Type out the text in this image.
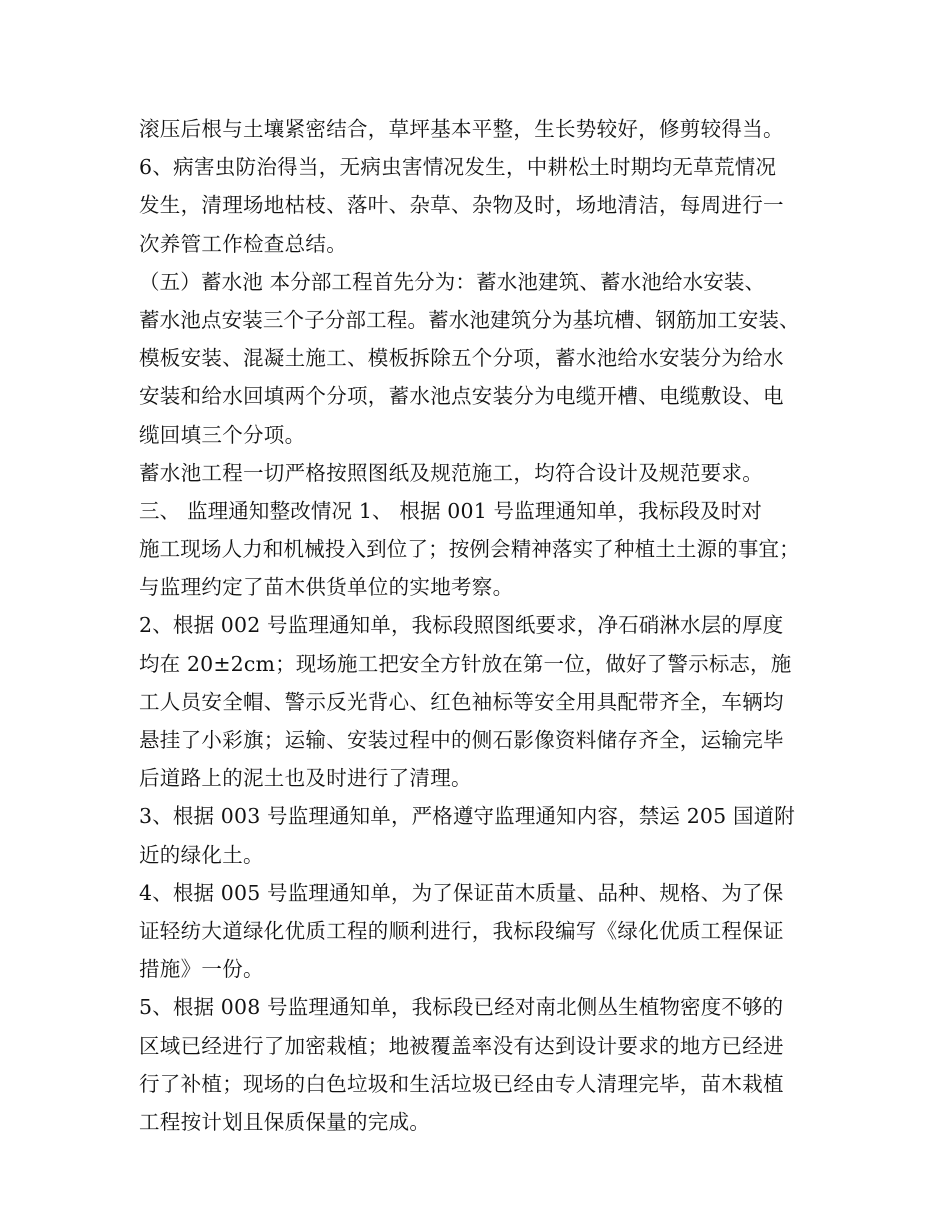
滚压后根与土壤紧密结合，草坪基本平整，生长势较好，修剪较得当。
6、病害虫防治得当，无病虫害情况发生，中耕松土时期均无草荒情况
发生，清理场地枯枝、落叶、杂草、杂物及时，场地清洁，每周进行一
次养管工作检查总结。
（五）蓄水池 本分部工程首先分为：蓄水池建筑、蓄水池给水安装、
蓄水池点安装三个子分部工程。蓄水池建筑分为基坑槽、钢筋加工安装、
模板安装、混凝土施工、模板拆除五个分项，蓄水池给水安装分为给水
安装和给水回填两个分项，蓄水池点安装分为电缆开槽、电缆敷设、电
缆回填三个分项。
蓄水池工程一切严格按照图纸及规范施工，均符合设计及规范要求。
三、 监理通知整改情况 1、 根据 001 号监理通知单，我标段及时对
施工现场人力和机械投入到位了；按例会精神落实了种植土土源的事宜；
与监理约定了苗木供货单位的实地考察。
2、根据 002 号监理通知单，我标段照图纸要求，净石硝淋水层的厚度
均在 20±2cm；现场施工把安全方针放在第一位，做好了警示标志，施
工人员安全帽、警示反光背心、红色袖标等安全用具配带齐全，车辆均
悬挂了小彩旗；运输、安装过程中的侧石影像资料储存齐全，运输完毕
后道路上的泥土也及时进行了清理。
3、根据 003 号监理通知单，严格遵守监理通知内容，禁运 205 国道附
近的绿化土。
4、根据 005 号监理通知单，为了保证苗木质量、品种、规格、为了保
证轻纺大道绿化优质工程的顺利进行，我标段编写《绿化优质工程保证
措施》一份。
5、根据 008 号监理通知单，我标段已经对南北侧丛生植物密度不够的
区域已经进行了加密栽植；地被覆盖率没有达到设计要求的地方已经进
行了补植；现场的白色垃圾和生活垃圾已经由专人清理完毕，苗木栽植
工程按计划且保质保量的完成。
